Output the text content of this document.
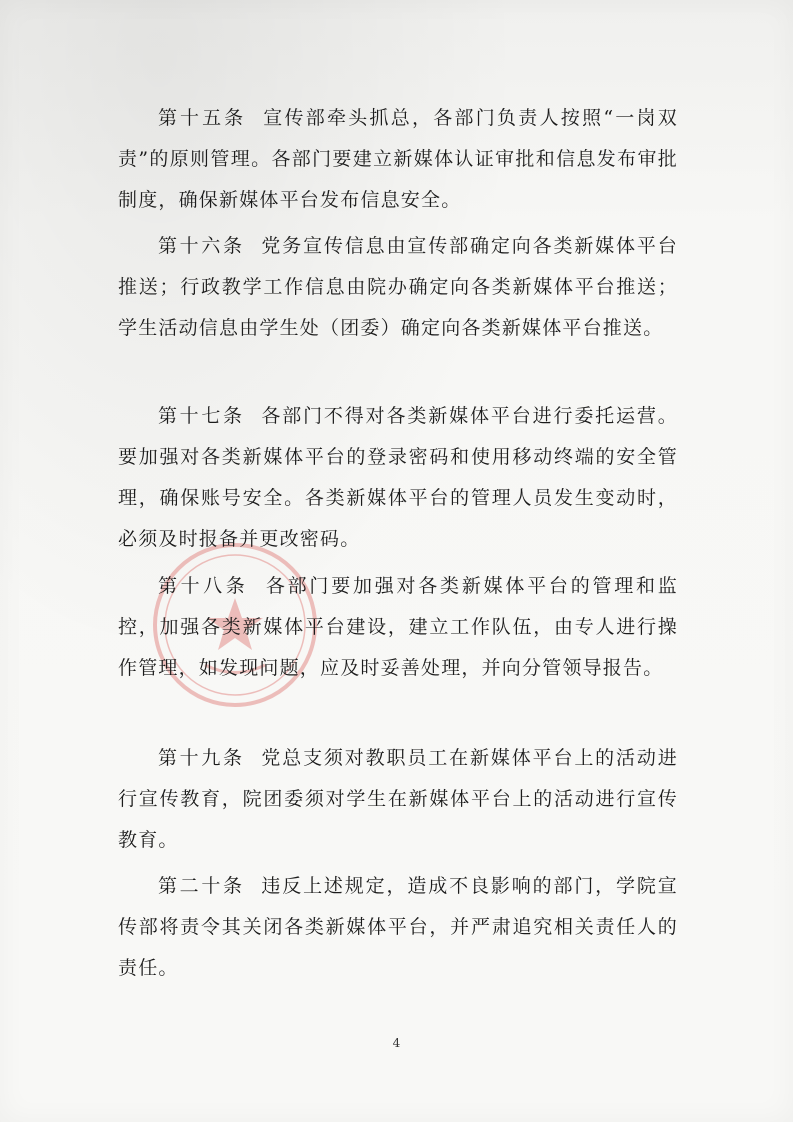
第十五条 宣传部牵头抓总，各部门负责人按照“一岗双责”的原则管理。各部门要建立新媒体认证审批和信息发布审批制度，确保新媒体平台发布信息安全。
第十六条 党务宣传信息由宣传部确定向各类新媒体平台推送；行政教学工作信息由院办确定向各类新媒体平台推送；学生活动信息由学生处（团委）确定向各类新媒体平台推送。
第十七条 各部门不得对各类新媒体平台进行委托运营。要加强对各类新媒体平台的登录密码和使用移动终端的安全管理，确保账号安全。各类新媒体平台的管理人员发生变动时，必须及时报备并更改密码。
第十八条 各部门要加强对各类新媒体平台的管理和监控，加强各类新媒体平台建设，建立工作队伍，由专人进行操作管理，如发现问题，应及时妥善处理，并向分管领导报告。
第十九条 党总支须对教职员工在新媒体平台上的活动进行宣传教育，院团委须对学生在新媒体平台上的活动进行宣传教育。
第二十条 违反上述规定，造成不良影响的部门，学院宣传部将责令其关闭各类新媒体平台，并严肃追究相关责任人的责任。
4
